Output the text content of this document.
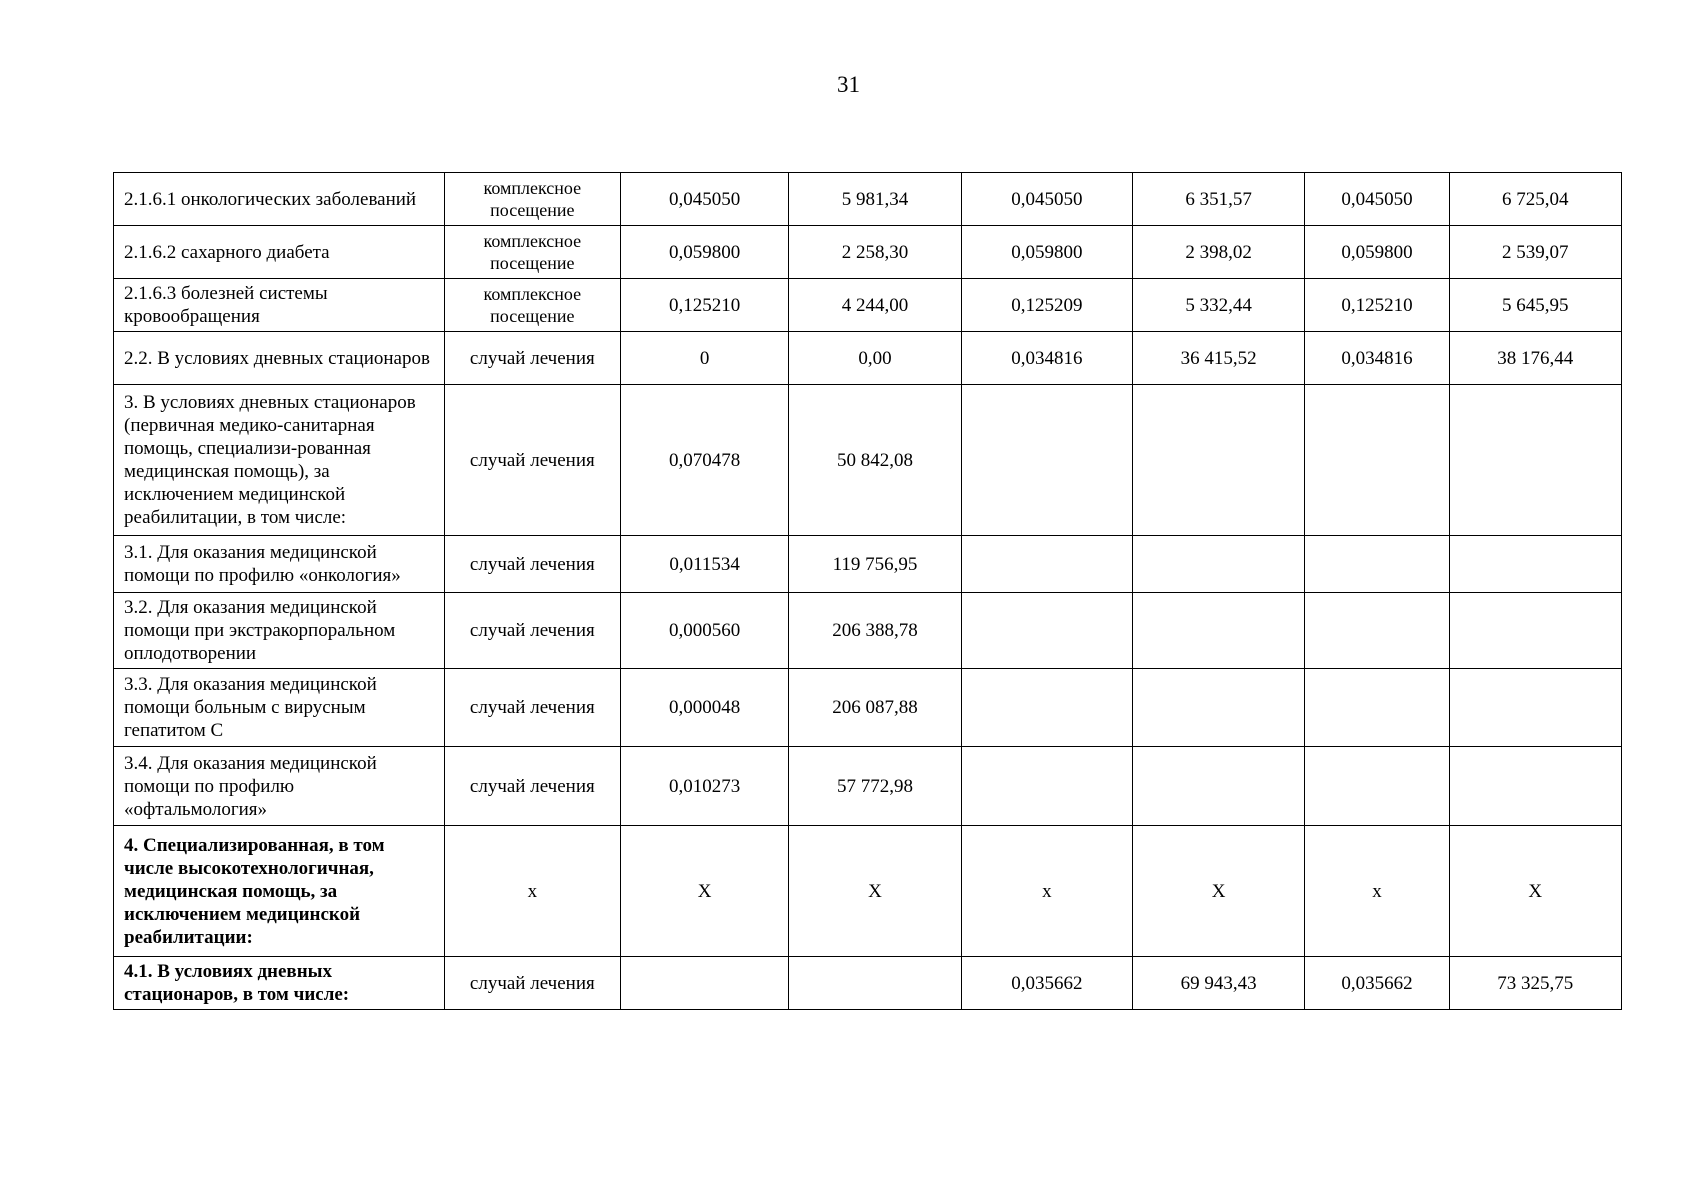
31
2.1.6.1 онкологических заболеваний	комплексное посещение	0,045050	5 981,34	0,045050	6 351,57	0,045050	6 725,04
2.1.6.2 сахарного диабета	комплексное посещение	0,059800	2 258,30	0,059800	2 398,02	0,059800	2 539,07
2.1.6.3 болезней системы кровообращения	комплексное посещение	0,125210	4 244,00	0,125209	5 332,44	0,125210	5 645,95
2.2. В условиях дневных стационаров	случай лечения	0	0,00	0,034816	36 415,52	0,034816	38 176,44
3. В условиях дневных стационаров (первичная медико-санитарная помощь, специализи-рованная медицинская помощь), за исключением медицинской реабилитации, в том числе:	случай лечения	0,070478	50 842,08				
3.1. Для оказания медицинской помощи по профилю «онкология»	случай лечения	0,011534	119 756,95				
3.2. Для оказания медицинской помощи при экстракорпоральном оплодотворении	случай лечения	0,000560	206 388,78				
3.3. Для оказания медицинской помощи больным с вирусным гепатитом С	случай лечения	0,000048	206 087,88				
3.4. Для оказания медицинской помощи по профилю «офтальмология»	случай лечения	0,010273	57 772,98				
4. Специализированная, в том числе высокотехнологичная, медицинская помощь, за исключением медицинской реабилитации:	х	Х	Х	х	Х	х	Х
4.1. В условиях дневных стационаров, в том числе:	случай лечения			0,035662	69 943,43	0,035662	73 325,75
